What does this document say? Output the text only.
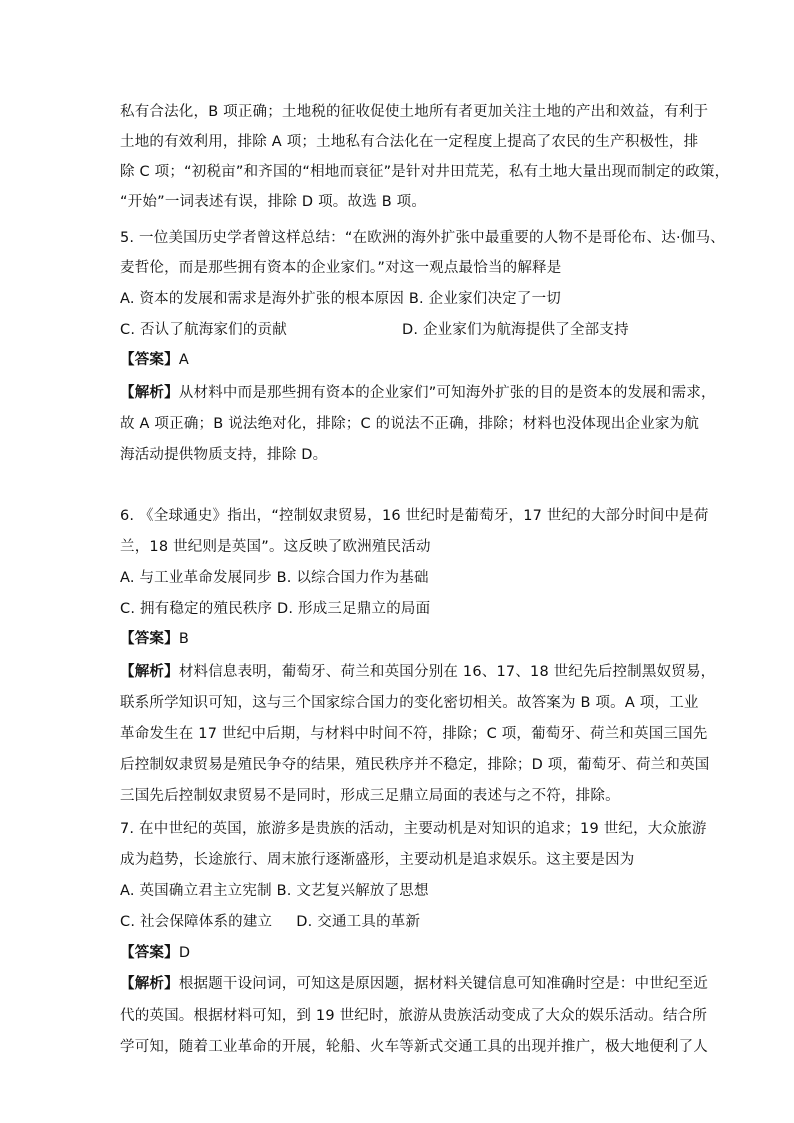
私有合法化，B 项正确；土地税的征收促使土地所有者更加关注土地的产出和效益，有利于
土地的有效利用，排除 A 项；土地私有合法化在一定程度上提高了农民的生产积极性，排
除 C 项；“初税亩”和齐国的“相地而衰征”是针对井田荒芜，私有土地大量出现而制定的政策，
“开始”一词表述有误，排除 D 项。故选 B 项。
5. 一位美国历史学者曾这样总结：“在欧洲的海外扩张中最重要的人物不是哥伦布、达·伽马、
麦哲伦，而是那些拥有资本的企业家们。”对这一观点最恰当的解释是
A. 资本的发展和需求是海外扩张的根本原因 B. 企业家们决定了一切
C. 否认了航海家们的贡献	D. 企业家们为航海提供了全部支持
【答案】A
【解析】从材料中而是那些拥有资本的企业家们”可知海外扩张的目的是资本的发展和需求，
故 A 项正确；B 说法绝对化，排除；C 的说法不正确，排除；材料也没体现出企业家为航
海活动提供物质支持，排除 D。
6. 《全球通史》指出，“控制奴隶贸易，16 世纪时是葡萄牙，17 世纪的大部分时间中是荷
兰，18 世纪则是英国”。这反映了欧洲殖民活动
A. 与工业革命发展同步 B. 以综合国力作为基础
C. 拥有稳定的殖民秩序 D. 形成三足鼎立的局面
【答案】B
【解析】材料信息表明，葡萄牙、荷兰和英国分别在 16、17、18 世纪先后控制黑奴贸易，
联系所学知识可知，这与三个国家综合国力的变化密切相关。故答案为 B 项。A 项，工业
革命发生在 17 世纪中后期，与材料中时间不符，排除；C 项，葡萄牙、荷兰和英国三国先
后控制奴隶贸易是殖民争夺的结果，殖民秩序并不稳定，排除；D 项，葡萄牙、荷兰和英国
三国先后控制奴隶贸易不是同时，形成三足鼎立局面的表述与之不符，排除。
7. 在中世纪的英国，旅游多是贵族的活动，主要动机是对知识的追求；19 世纪，大众旅游
成为趋势，长途旅行、周末旅行逐渐盛形，主要动机是追求娱乐。这主要是因为
A. 英国确立君主立宪制 B. 文艺复兴解放了思想
C. 社会保障体系的建立     D. 交通工具的革新
【答案】D
【解析】根据题干设问词，可知这是原因题，据材料关键信息可知准确时空是：中世纪至近
代的英国。根据材料可知，到 19 世纪时，旅游从贵族活动变成了大众的娱乐活动。结合所
学可知，随着工业革命的开展，轮船、火车等新式交通工具的出现并推广，极大地便利了人
